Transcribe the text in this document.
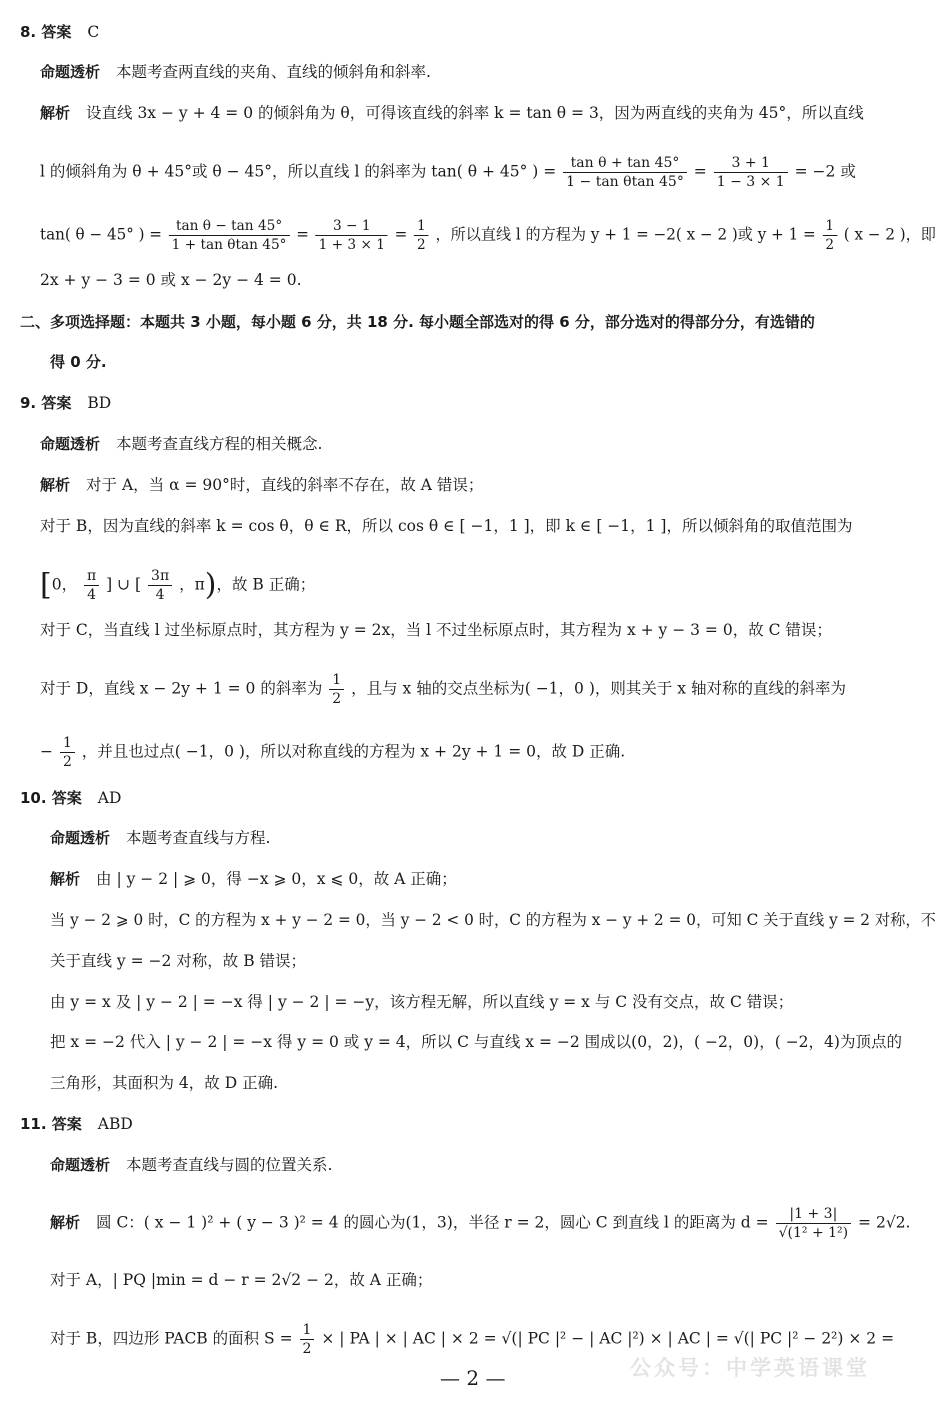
8. 答案 C
命题透析 本题考查两直线的夹角、直线的倾斜角和斜率.
解析 设直线 3x − y + 4 = 0 的倾斜角为 θ，可得该直线的斜率 k = tan θ = 3，因为两直线的夹角为 45°，所以直线
l 的倾斜角为 θ + 45°或 θ − 45°，所以直线 l 的斜率为 tan( θ + 45° ) = $\frac{\text{tan θ + tan 45°}}{\text{1 − tan θtan 45°}} = \frac{3 + 1}{1 - 3 \times 1} = -2$ 或
tan( θ − 45° ) = $\frac{\text{tan θ − tan 45°}}{\text{1 + tan θtan 45°}} = \frac{3 - 1}{1 + 3 \times 1} = \frac{1}{2}$ ，所以直线 l 的方程为 y + 1 = −2( x − 2 )或 $y + 1 = \frac{1}{2}$ ( x − 2 )，即
2x + y − 3 = 0 或 x − 2y − 4 = 0.
二、多项选择题：本题共 3 小题，每小题 6 分，共 18 分. 每小题全部选对的得 6 分，部分选对的得部分分，有选错的
得 0 分.
9. 答案 BD
命题透析 本题考查直线方程的相关概念.
解析 对于 A，当 α = 90°时，直线的斜率不存在，故 A 错误；
对于 B，因为直线的斜率 k = cos θ，θ ∈ R，所以 cos θ ∈ [ −1，1 ]，即 k ∈ [ −1，1 ]，所以倾斜角的取值范围为
[0， $\frac{\pi}{4}$ ] ∪ [ $\frac{3\pi}{4}$ ，π)，故 B 正确；
对于 C，当直线 l 过坐标原点时，其方程为 y = 2x，当 l 不过坐标原点时，其方程为 x + y − 3 = 0，故 C 错误；
对于 D，直线 x − 2y + 1 = 0 的斜率为 $\frac{1}{2}$ ，且与 x 轴的交点坐标为( −1，0 )，则其关于 x 轴对称的直线的斜率为
− $\frac{1}{2}$ ，并且也过点( −1，0 )，所以对称直线的方程为 x + 2y + 1 = 0，故 D 正确.
10. 答案 AD
命题透析 本题考查直线与方程.
解析 由 | y − 2 | ⩾ 0，得 −x ⩾ 0，x ⩽ 0，故 A 正确；
当 y − 2 ⩾ 0 时，C 的方程为 x + y − 2 = 0，当 y − 2 < 0 时，C 的方程为 x − y + 2 = 0，可知 C 关于直线 y = 2 对称，不
关于直线 y = −2 对称，故 B 错误；
由 y = x 及 | y − 2 | = −x 得 | y − 2 | = −y，该方程无解，所以直线 y = x 与 C 没有交点，故 C 错误；
把 x = −2 代入 | y − 2 | = −x 得 y = 0 或 y = 4，所以 C 与直线 x = −2 围成以(0，2)，( −2，0)，( −2，4)为顶点的
三角形，其面积为 4，故 D 正确.
11. 答案 ABD
命题透析 本题考查直线与圆的位置关系.
解析 圆 C：( x − 1 )² + ( y − 3 )² = 4 的圆心为(1，3)，半径 r = 2，圆心 C 到直线 l 的距离为 $d = \frac{|1 + 3|}{\text{√(1² + 1²)}} = 2√2$.
对于 A，| PQ |min = d − r = 2√2 − 2，故 A 正确；
对于 B，四边形 PACB 的面积 $S = \frac{1}{2}$ × | PA | × | AC | × 2 = √(| PC |² − | AC |²) × | AC | = √(| PC |² − 2²) × 2 =
公众号：中学英语课堂
— 2 —
